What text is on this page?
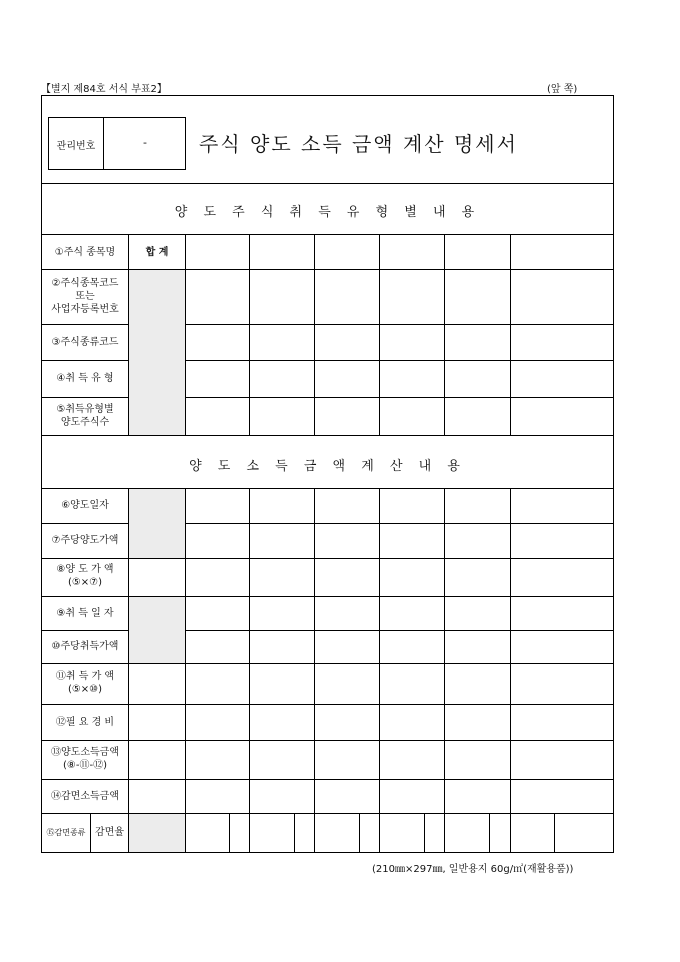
【별지 제84호 서식 부표2】	(앞 쪽)
관리번호	-	주식 양도 소득 금액 계산 명세서
양 도 주 식 취 득 유 형 별 내 용
양 도 소 득 금 액 계 산 내 용
①주식 종목명	합 계
②주식종목코드
또는
사업자등록번호
③주식종류코드
④취 득 유 형
⑤취득유형별
양도주식수
⑥양도일자
⑦주당양도가액
⑧양 도 가 액
(⑤×⑦)
⑨취 득 일 자
⑩주당취득가액
⑪취 득 가 액
(⑤×⑩)
⑫필 요 경 비
⑬양도소득금액
(⑧-⑪-⑫)
⑭감면소득금액
⑮감면종류 감면율
(210㎜×297㎜, 일반용지 60g/㎡(재활용품))
